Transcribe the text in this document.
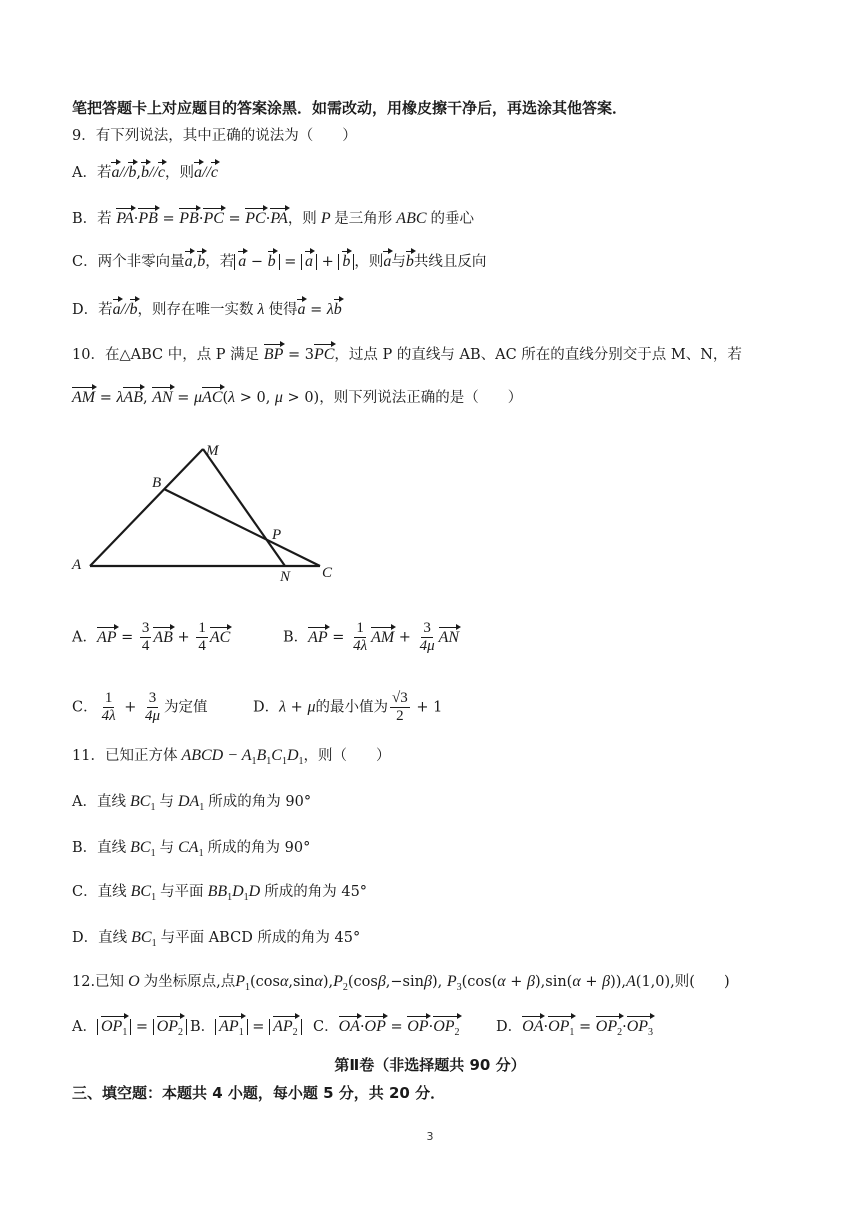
笔把答题卡上对应题目的答案涂黑．如需改动，用橡皮擦干净后，再选涂其他答案．
9．有下列说法，其中正确的说法为（　　）
A．若a//b,b//c，则a//c
B．若 PA·PB = PB·PC = PC·PA，则 P 是三角形 ABC 的垂心
C．两个非零向量a,b，若 a − b = a + b ，则a与b共线且反向
D．若a//b，则存在唯一实数 λ 使得a = λb
10．在△ABC 中，点 P 满足 BP = 3PC，过点 P 的直线与 AB、AC 所在的直线分别交于点 M、N，若
AM = λAB, AN = μAC(λ > 0, μ > 0)，则下列说法正确的是（　　）
M
B
P
A
N C
A．AP = $\frac{3}{4}$ AB + $\frac{1}{4}$ AC	B．AP = $\frac{1}{4\lambda}$ AM + $\frac{3}{4\mu}$ AN
C． $\frac{1}{4\lambda} + \frac{3}{4\mu}$ 为定值	D．λ + μ的最小值为 $\frac{√3}{2} + 1$
11．已知正方体 ABCD − $A_1B_1C_1D_1$，则（　　）
A．直线 $BC_1$ 与 $DA_1$ 所成的角为 90°
B．直线 $BC_1$ 与 $CA_1$ 所成的角为 90°
C．直线 $BC_1$ 与平面 $BB_1D_1D$ 所成的角为 45°
D．直线 $BC_1$ 与平面 ABCD 所成的角为 45°
12.已知 O 为坐标原点,点$P_1(\cos\alpha,\sin\alpha),P_2(\cos\beta,-\sin\beta)$, $P_3(\cos(\alpha + \beta),\sin(\alpha + \beta)),A(1,0)$,则(　　)
A． $OP_1 = OP_2$ B． $AP_1 = AP_2$ C．$OA\cdot OP = OP\cdot OP_2$	D．$OA\cdot OP_1 = OP_2\cdot OP_3$
第Ⅱ卷（非选择题共 90 分）
三、填空题：本题共 4 小题，每小题 5 分，共 20 分．
3
